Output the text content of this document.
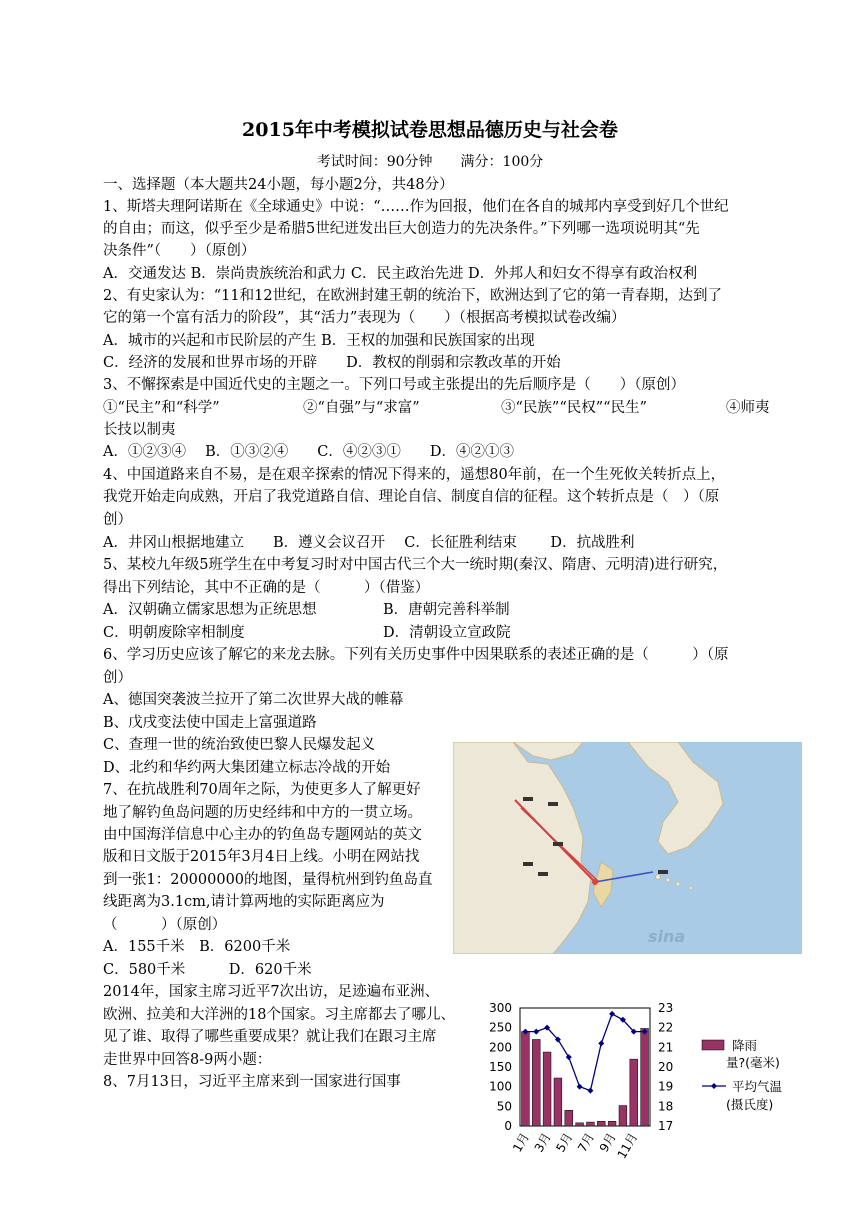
2015年中考模拟试卷思想品德历史与社会卷
考试时间：90分钟　　满分：100分
一、选择题（本大题共24小题，每小题2分，共48分）
1、斯塔夫理阿诺斯在《全球通史》中说：“……作为回报，他们在各自的城邦内享受到好几个世纪
的自由；而这，似乎至少是希腊5世纪迸发出巨大创造力的先决条件。”下列哪一选项说明其“先
决条件”（　　）（原创）
A．交通发达 B．崇尚贵族统治和武力 C．民主政治先进 D．外邦人和妇女不得享有政治权利
2、有史家认为：“11和12世纪，在欧洲封建王朝的统治下，欧洲达到了它的第一青春期，达到了
它的第一个富有活力的阶段”，其“活力”表现为（　　）（根据高考模拟试卷改编）
A．城市的兴起和市民阶层的产生 B．王权的加强和民族国家的出现
C．经济的发展和世界市场的开辟　　D．教权的削弱和宗教改革的开始
3、不懈探索是中国近代史的主题之一。下列口号或主张提出的先后顺序是（　　）（原创）
①“民主”和“科学”	②“自强”与“求富”	③“民族”“民权”“民生”	④师夷
长技以制夷
A．①②③④　 B．①③②④　　C．④②③①　　D．④②①③
4、中国道路来自不易，是在艰辛探索的情况下得来的，遥想80年前，在一个生死攸关转折点上，
我党开始走向成熟，开启了我党道路自信、理论自信、制度自信的征程。这个转折点是（　）（原
创）
A．井冈山根据地建立　　B．遵义会议召开　 C．长征胜利结束　　 D．抗战胜利
5、某校九年级5班学生在中考复习时对中国古代三个大一统时期(秦汉、隋唐、元明清)进行研究，
得出下列结论，其中不正确的是（　　　）（借鉴）
A．汉朝确立儒家思想为正统思想	B．唐朝完善科举制
C．明朝废除宰相制度	D．清朝设立宣政院
6、学习历史应该了解它的来龙去脉。下列有关历史事件中因果联系的表述正确的是（　　　）（原
创）
A、德国突袭波兰拉开了第二次世界大战的帷幕
B、戊戌变法使中国走上富强道路
C、查理一世的统治致使巴黎人民爆发起义
D、北约和华约两大集团建立标志冷战的开始
7、在抗战胜利70周年之际，为使更多人了解更好
地了解钓鱼岛问题的历史经纬和中方的一贯立场。
由中国海洋信息中心主办的钓鱼岛专题网站的英文
版和日文版于2015年3月4日上线。小明在网站找
到一张1：20000000的地图，量得杭州到钓鱼岛直
线距离为3.1cm,请计算两地的实际距离应为
（　　　）（原创）
A．155千米　B．6200千米
C．580千米　　　D．620千米
2014年，国家主席习近平7次出访，足迹遍布亚洲、
欧洲、拉美和大洋洲的18个国家。习主席都去了哪儿、
见了谁、取得了哪些重要成果？就让我们在跟习主席
走世界中回答8-9两小题：
8、7月13日，习近平主席来到一国家进行国事
sina
0
50
100
150
200
250
300
17
18
19
20
21
22
23
1月 3月 5月 7月 9月
11月
降雨
量?(毫米)
平均气温
(摄氏度)
